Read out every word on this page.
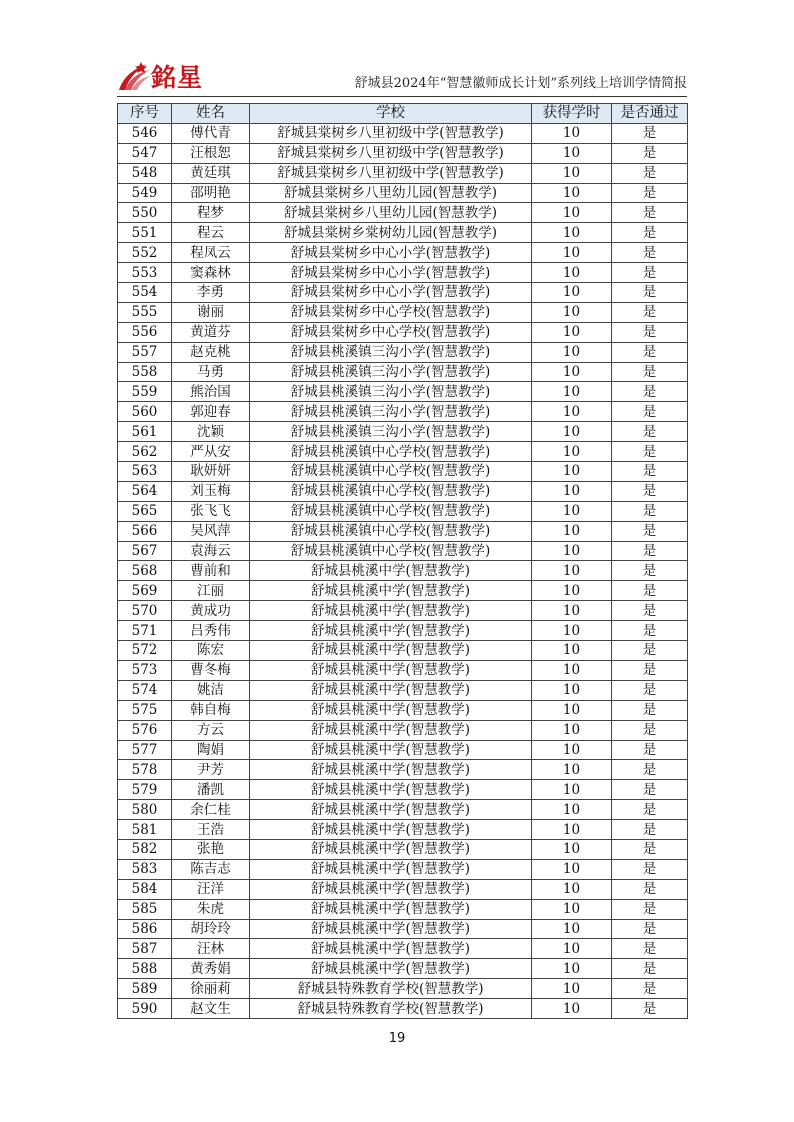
銘星	舒城县2024年“智慧徽师成长计划”系列线上培训学情简报
序号	姓名	学校	获得学时	是否通过
546	傅代青	舒城县棠树乡八里初级中学(智慧教学)	10	是
547	汪根恕	舒城县棠树乡八里初级中学(智慧教学)	10	是
548	黄廷琪	舒城县棠树乡八里初级中学(智慧教学)	10	是
549	邵明艳	舒城县棠树乡八里幼儿园(智慧教学)	10	是
550	程梦	舒城县棠树乡八里幼儿园(智慧教学)	10	是
551	程云	舒城县棠树乡棠树幼儿园(智慧教学)	10	是
552	程凤云	舒城县棠树乡中心小学(智慧教学)	10	是
553	窦森林	舒城县棠树乡中心小学(智慧教学)	10	是
554	李勇	舒城县棠树乡中心小学(智慧教学)	10	是
555	谢丽	舒城县棠树乡中心学校(智慧教学)	10	是
556	黄道芬	舒城县棠树乡中心学校(智慧教学)	10	是
557	赵克桃	舒城县桃溪镇三沟小学(智慧教学)	10	是
558	马勇	舒城县桃溪镇三沟小学(智慧教学)	10	是
559	熊治国	舒城县桃溪镇三沟小学(智慧教学)	10	是
560	郭迎春	舒城县桃溪镇三沟小学(智慧教学)	10	是
561	沈颖	舒城县桃溪镇三沟小学(智慧教学)	10	是
562	严从安	舒城县桃溪镇中心学校(智慧教学)	10	是
563	耿妍妍	舒城县桃溪镇中心学校(智慧教学)	10	是
564	刘玉梅	舒城县桃溪镇中心学校(智慧教学)	10	是
565	张飞飞	舒城县桃溪镇中心学校(智慧教学)	10	是
566	吴风萍	舒城县桃溪镇中心学校(智慧教学)	10	是
567	袁海云	舒城县桃溪镇中心学校(智慧教学)	10	是
568	曹前和	舒城县桃溪中学(智慧教学)	10	是
569	江丽	舒城县桃溪中学(智慧教学)	10	是
570	黄成功	舒城县桃溪中学(智慧教学)	10	是
571	吕秀伟	舒城县桃溪中学(智慧教学)	10	是
572	陈宏	舒城县桃溪中学(智慧教学)	10	是
573	曹冬梅	舒城县桃溪中学(智慧教学)	10	是
574	姚洁	舒城县桃溪中学(智慧教学)	10	是
575	韩自梅	舒城县桃溪中学(智慧教学)	10	是
576	方云	舒城县桃溪中学(智慧教学)	10	是
577	陶娟	舒城县桃溪中学(智慧教学)	10	是
578	尹芳	舒城县桃溪中学(智慧教学)	10	是
579	潘凯	舒城县桃溪中学(智慧教学)	10	是
580	余仁桂	舒城县桃溪中学(智慧教学)	10	是
581	王浩	舒城县桃溪中学(智慧教学)	10	是
582	张艳	舒城县桃溪中学(智慧教学)	10	是
583	陈吉志	舒城县桃溪中学(智慧教学)	10	是
584	汪洋	舒城县桃溪中学(智慧教学)	10	是
585	朱虎	舒城县桃溪中学(智慧教学)	10	是
586	胡玲玲	舒城县桃溪中学(智慧教学)	10	是
587	汪林	舒城县桃溪中学(智慧教学)	10	是
588	黄秀娟	舒城县桃溪中学(智慧教学)	10	是
589	徐丽莉	舒城县特殊教育学校(智慧教学)	10	是
590	赵文生	舒城县特殊教育学校(智慧教学)	10	是
19
